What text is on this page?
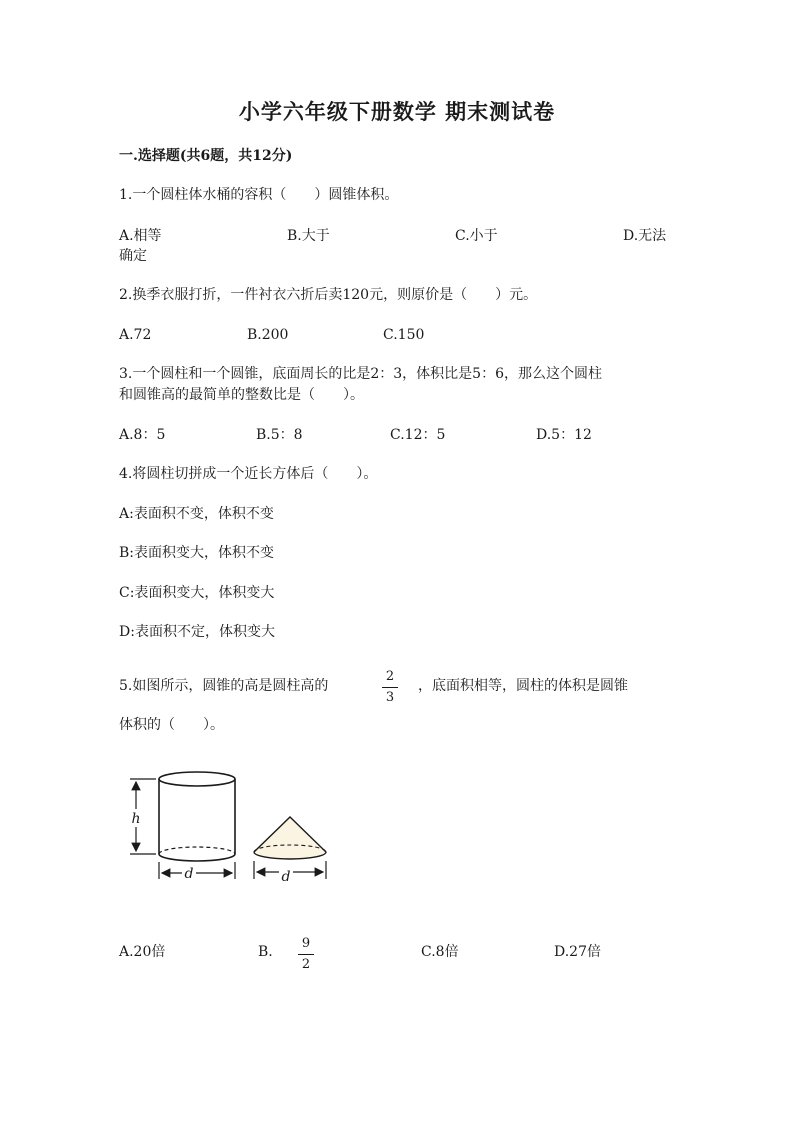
小学六年级下册数学 期末测试卷
一.选择题(共6题，共12分)
1.一个圆柱体水桶的容积（　　）圆锥体积。
A.相等	B.大于	C.小于	D.无法
确定
2.换季衣服打折，一件衬衣六折后卖120元，则原价是（　　）元。
A.72	B.200	C.150
3.一个圆柱和一个圆锥，底面周长的比是2：3，体积比是5：6，那么这个圆柱
和圆锥高的最简单的整数比是（　　）。
A.8：5	B.5：8	C.12：5	D.5：12
4.将圆柱切拼成一个近长方体后（　　）。
A:表面积不变，体积不变
B:表面积变大，体积不变
C:表面积变大，体积变大
D:表面积不定，体积变大
5.如图所示，圆锥的高是圆柱高的
2
3
，底面积相等，圆柱的体积是圆锥
体积的（　　）。
h
d	d
A.20倍	B.
9
2
C.8倍	D.27倍
